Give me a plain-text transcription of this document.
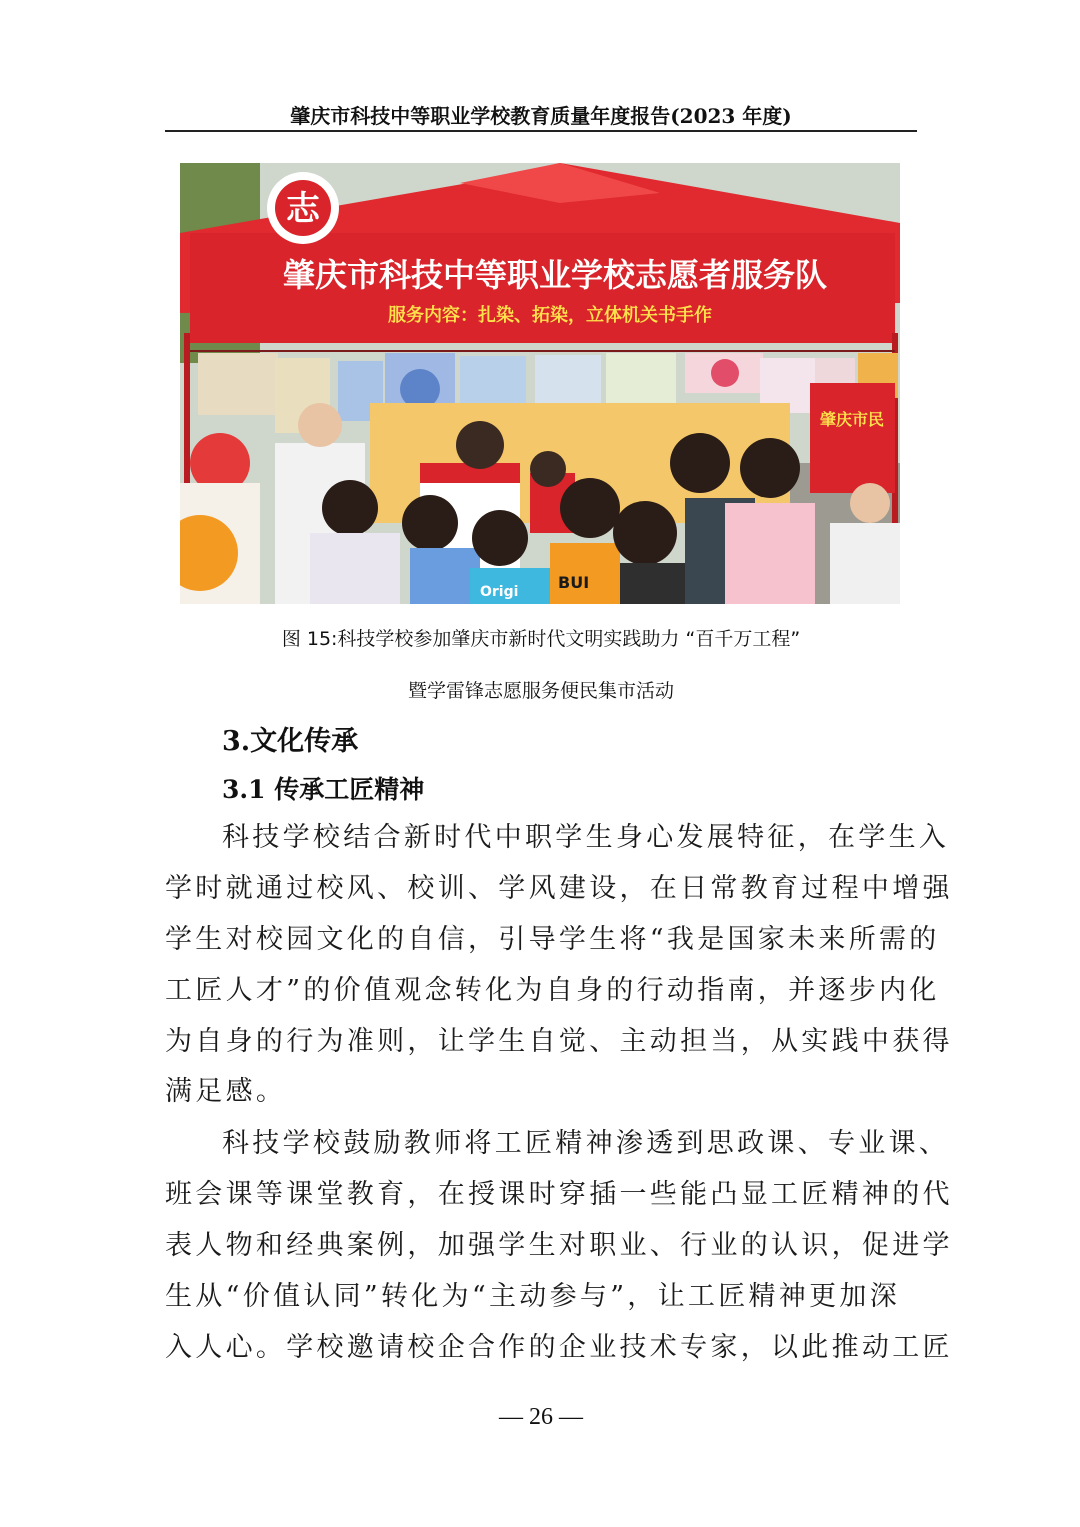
肇庆市科技中等职业学校教育质量年度报告(2023 年度)
志
肇庆市科技中等职业学校志愿者服务队
服务内容：扎染、拓染，立体机关书手作
肇庆市民
Origi BUI
图 15:科技学校参加肇庆市新时代文明实践助力 “百千万工程”
暨学雷锋志愿服务便民集市活动
3.文化传承
3.1 传承工匠精神
科技学校结合新时代中职学生身心发展特征，在学生入
学时就通过校风、校训、学风建设，在日常教育过程中增强
学生对校园文化的自信，引导学生将“我是国家未来所需的
工匠人才”的价值观念转化为自身的行动指南，并逐步内化
为自身的行为准则，让学生自觉、主动担当，从实践中获得
满足感。
科技学校鼓励教师将工匠精神渗透到思政课、专业课、
班会课等课堂教育，在授课时穿插一些能凸显工匠精神的代
表人物和经典案例，加强学生对职业、行业的认识，促进学
生从“价值认同”转化为“主动参与”，让工匠精神更加深
入人心。学校邀请校企合作的企业技术专家，以此推动工匠
— 26 —
